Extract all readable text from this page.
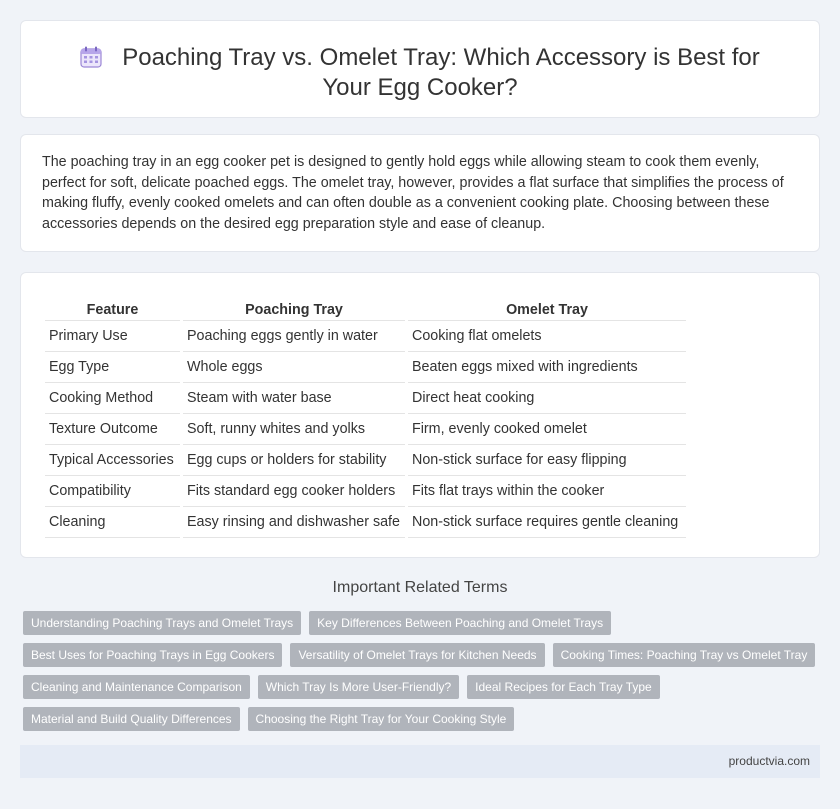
Poaching Tray vs. Omelet Tray: Which Accessory is Best for Your Egg Cooker?

The poaching tray in an egg cooker pet is designed to gently hold eggs while allowing steam to cook them evenly, perfect for soft, delicate poached eggs. The omelet tray, however, provides a flat surface that simplifies the process of making fluffy, evenly cooked omelets and can often double as a convenient cooking plate. Choosing between these accessories depends on the desired egg preparation style and ease of cleanup.

Feature	Poaching Tray	Omelet Tray
Primary Use	Poaching eggs gently in water	Cooking flat omelets
Egg Type	Whole eggs	Beaten eggs mixed with ingredients
Cooking Method	Steam with water base	Direct heat cooking
Texture Outcome	Soft, runny whites and yolks	Firm, evenly cooked omelet
Typical Accessories	Egg cups or holders for stability	Non-stick surface for easy flipping
Compatibility	Fits standard egg cooker holders	Fits flat trays within the cooker
Cleaning	Easy rinsing and dishwasher safe	Non-stick surface requires gentle cleaning
Important Related Terms
Understanding Poaching Trays and Omelet Trays	Key Differences Between Poaching and Omelet Trays
Best Uses for Poaching Trays in Egg Cookers	Versatility of Omelet Trays for Kitchen Needs	Cooking Times: Poaching Tray vs Omelet Tray
Cleaning and Maintenance Comparison	Which Tray Is More User-Friendly?	Ideal Recipes for Each Tray Type
Material and Build Quality Differences	Choosing the Right Tray for Your Cooking Style
productvia.com
